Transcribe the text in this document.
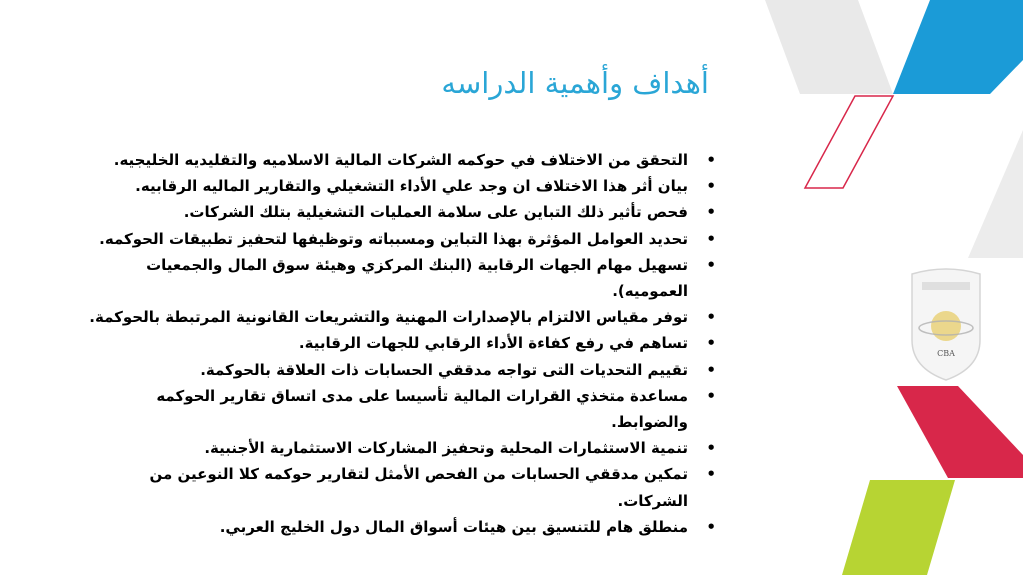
أهداف وأهمية الدراسه
• التحقق من الاختلاف في حوكمه الشركات المالية الاسلاميه والتقليديه الخليجيه.
• بيان أثر هذا الاختلاف ان وجد علي الأداء التشغيلي والتقارير الماليه الرقابيه.
• فحص تأثير ذلك التباين على سلامة العمليات التشغيلية بتلك الشركات.
• تحديد العوامل المؤثرة بهذا التباين ومسبباته وتوظيفها لتحفيز تطبيقات الحوكمه.
• تسهيل مهام الجهات الرقابية (البنك المركزي وهيئة سوق المال والجمعيات العموميه).
• توفر مقياس الالتزام بالإصدارات المهنية والتشريعات القانونية المرتبطة بالحوكمة.
• تساهم في رفع كفاءة الأداء الرقابي للجهات الرقابية.
• تقييم التحديات التى تواجه مدققي الحسابات ذات العلاقة بالحوكمة.
• مساعدة متخذي القرارات المالية تأسيسا على مدى اتساق تقارير الحوكمه والضوابط.
• تنمية الاستثمارات المحلية وتحفيز المشاركات الاستثمارية الأجنبية.
• تمكين مدققي الحسابات من الفحص الأمثل لتقارير حوكمه كلا النوعين من الشركات.
• منطلق هام للتنسيق بين هيئات أسواق المال دول الخليج العربي.
CBA
